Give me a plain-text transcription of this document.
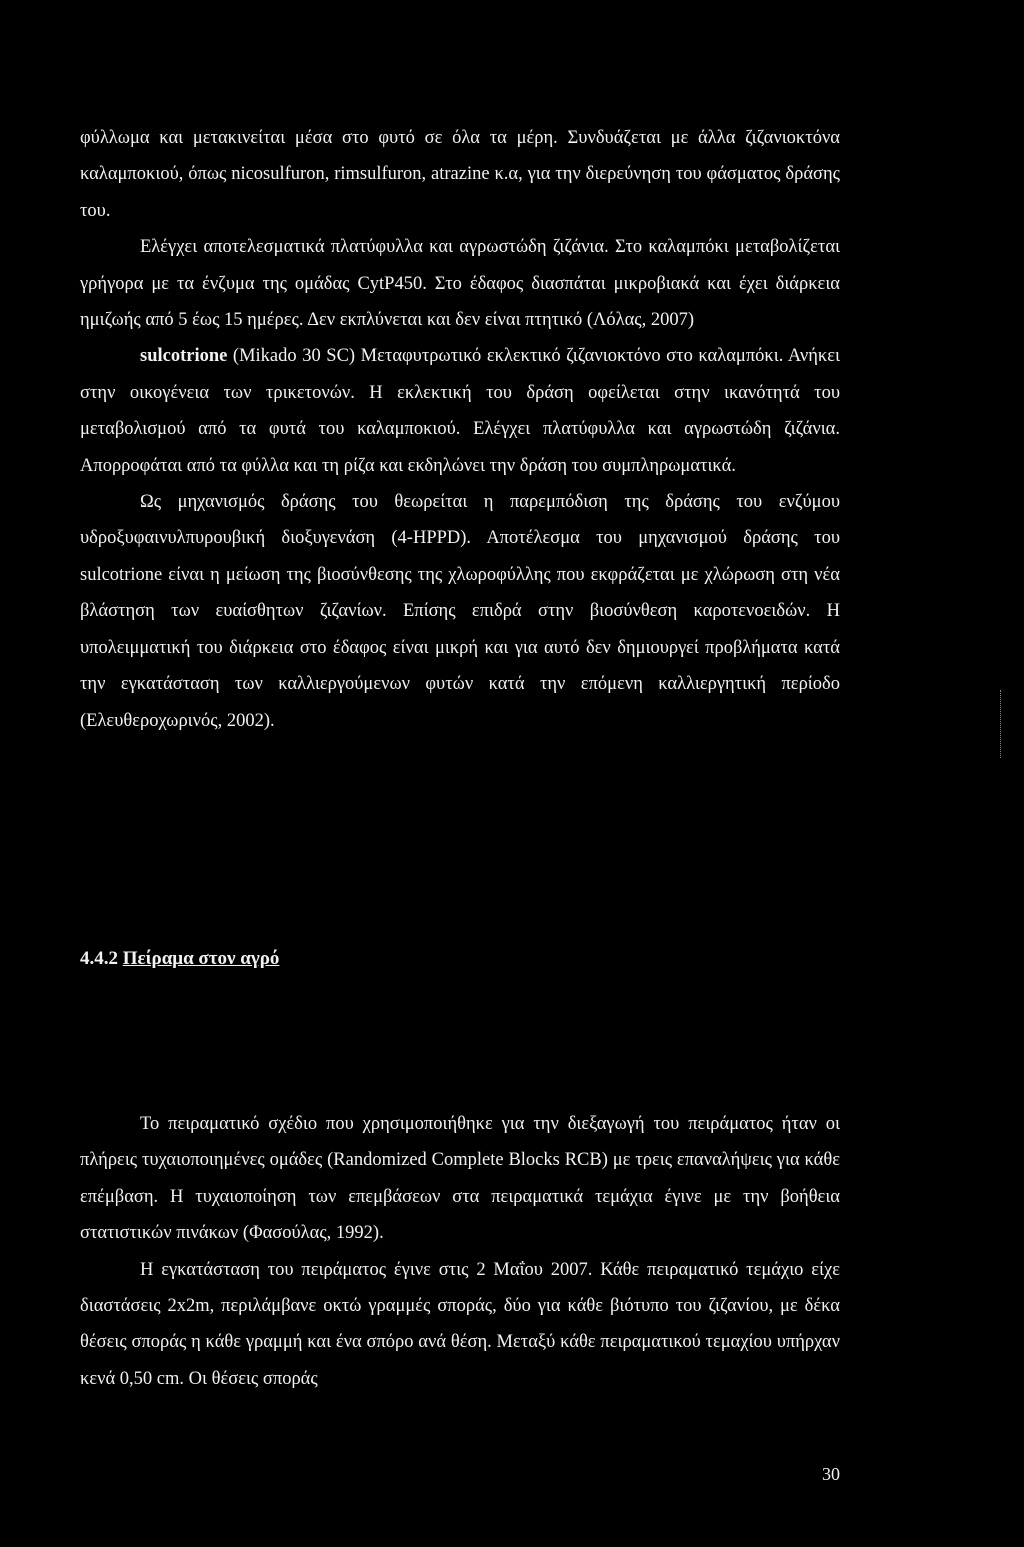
φύλλωμα και μετακινείται μέσα στο φυτό σε όλα τα μέρη. Συνδυάζεται με άλλα ζιζανιοκτόνα καλαμποκιού, όπως nicosulfuron, rimsulfuron, atrazine κ.α, για την διερεύνηση του φάσματος δράσης του.

Ελέγχει αποτελεσματικά πλατύφυλλα και αγρωστώδη ζιζάνια. Στο καλαμπόκι μεταβολίζεται γρήγορα με τα ένζυμα της ομάδας CytP450. Στο έδαφος διασπάται μικροβιακά και έχει διάρκεια ημιζωής από 5 έως 15 ημέρες. Δεν εκπλύνεται και δεν είναι πτητικό (Λόλας, 2007)

sulcotrione (Mikado 30 SC) Μεταφυτρωτικό εκλεκτικό ζιζανιοκτόνο στο καλαμπόκι. Ανήκει στην οικογένεια των τρικετονών. Η εκλεκτική του δράση οφείλεται στην ικανότητά του μεταβολισμού από τα φυτά του καλαμποκιού. Ελέγχει πλατύφυλλα και αγρωστώδη ζιζάνια. Απορροφάται από τα φύλλα και τη ρίζα και εκδηλώνει την δράση του συμπληρωματικά.

Ως μηχανισμός δράσης του θεωρείται η παρεμπόδιση της δράσης του ενζύμου υδροξυφαινυλπυρουβική διοξυγενάση (4-HPPD). Αποτέλεσμα του μηχανισμού δράσης του sulcotrione είναι η μείωση της βιοσύνθεσης της χλωροφύλλης που εκφράζεται με χλώρωση στη νέα βλάστηση των ευαίσθητων ζιζανίων. Επίσης επιδρά στην βιοσύνθεση καροτενοειδών. Η υπολειμματική του διάρκεια στο έδαφος είναι μικρή και για αυτό δεν δημιουργεί προβλήματα κατά την εγκατάσταση των καλλιεργούμενων φυτών κατά την επόμενη καλλιεργητική περίοδο (Ελευθεροχωρινός, 2002).

4.4.2 Πείραμα στον αγρό

Το πειραματικό σχέδιο που χρησιμοποιήθηκε για την διεξαγωγή του πειράματος ήταν οι πλήρεις τυχαιοποιημένες ομάδες (Randomized Complete Blocks RCB) με τρεις επαναλήψεις για κάθε επέμβαση. Η τυχαιοποίηση των επεμβάσεων στα πειραματικά τεμάχια έγινε με την βοήθεια στατιστικών πινάκων (Φασούλας, 1992).

Η εγκατάσταση του πειράματος έγινε στις 2 Μαΐου 2007. Κάθε πειραματικό τεμάχιο είχε διαστάσεις 2x2m, περιλάμβανε οκτώ γραμμές σποράς, δύο για κάθε βιότυπο του ζιζανίου, με δέκα θέσεις σποράς η κάθε γραμμή και ένα σπόρο ανά θέση. Μεταξύ κάθε πειραματικού τεμαχίου υπήρχαν κενά 0,50 cm. Οι θέσεις σποράς

30
